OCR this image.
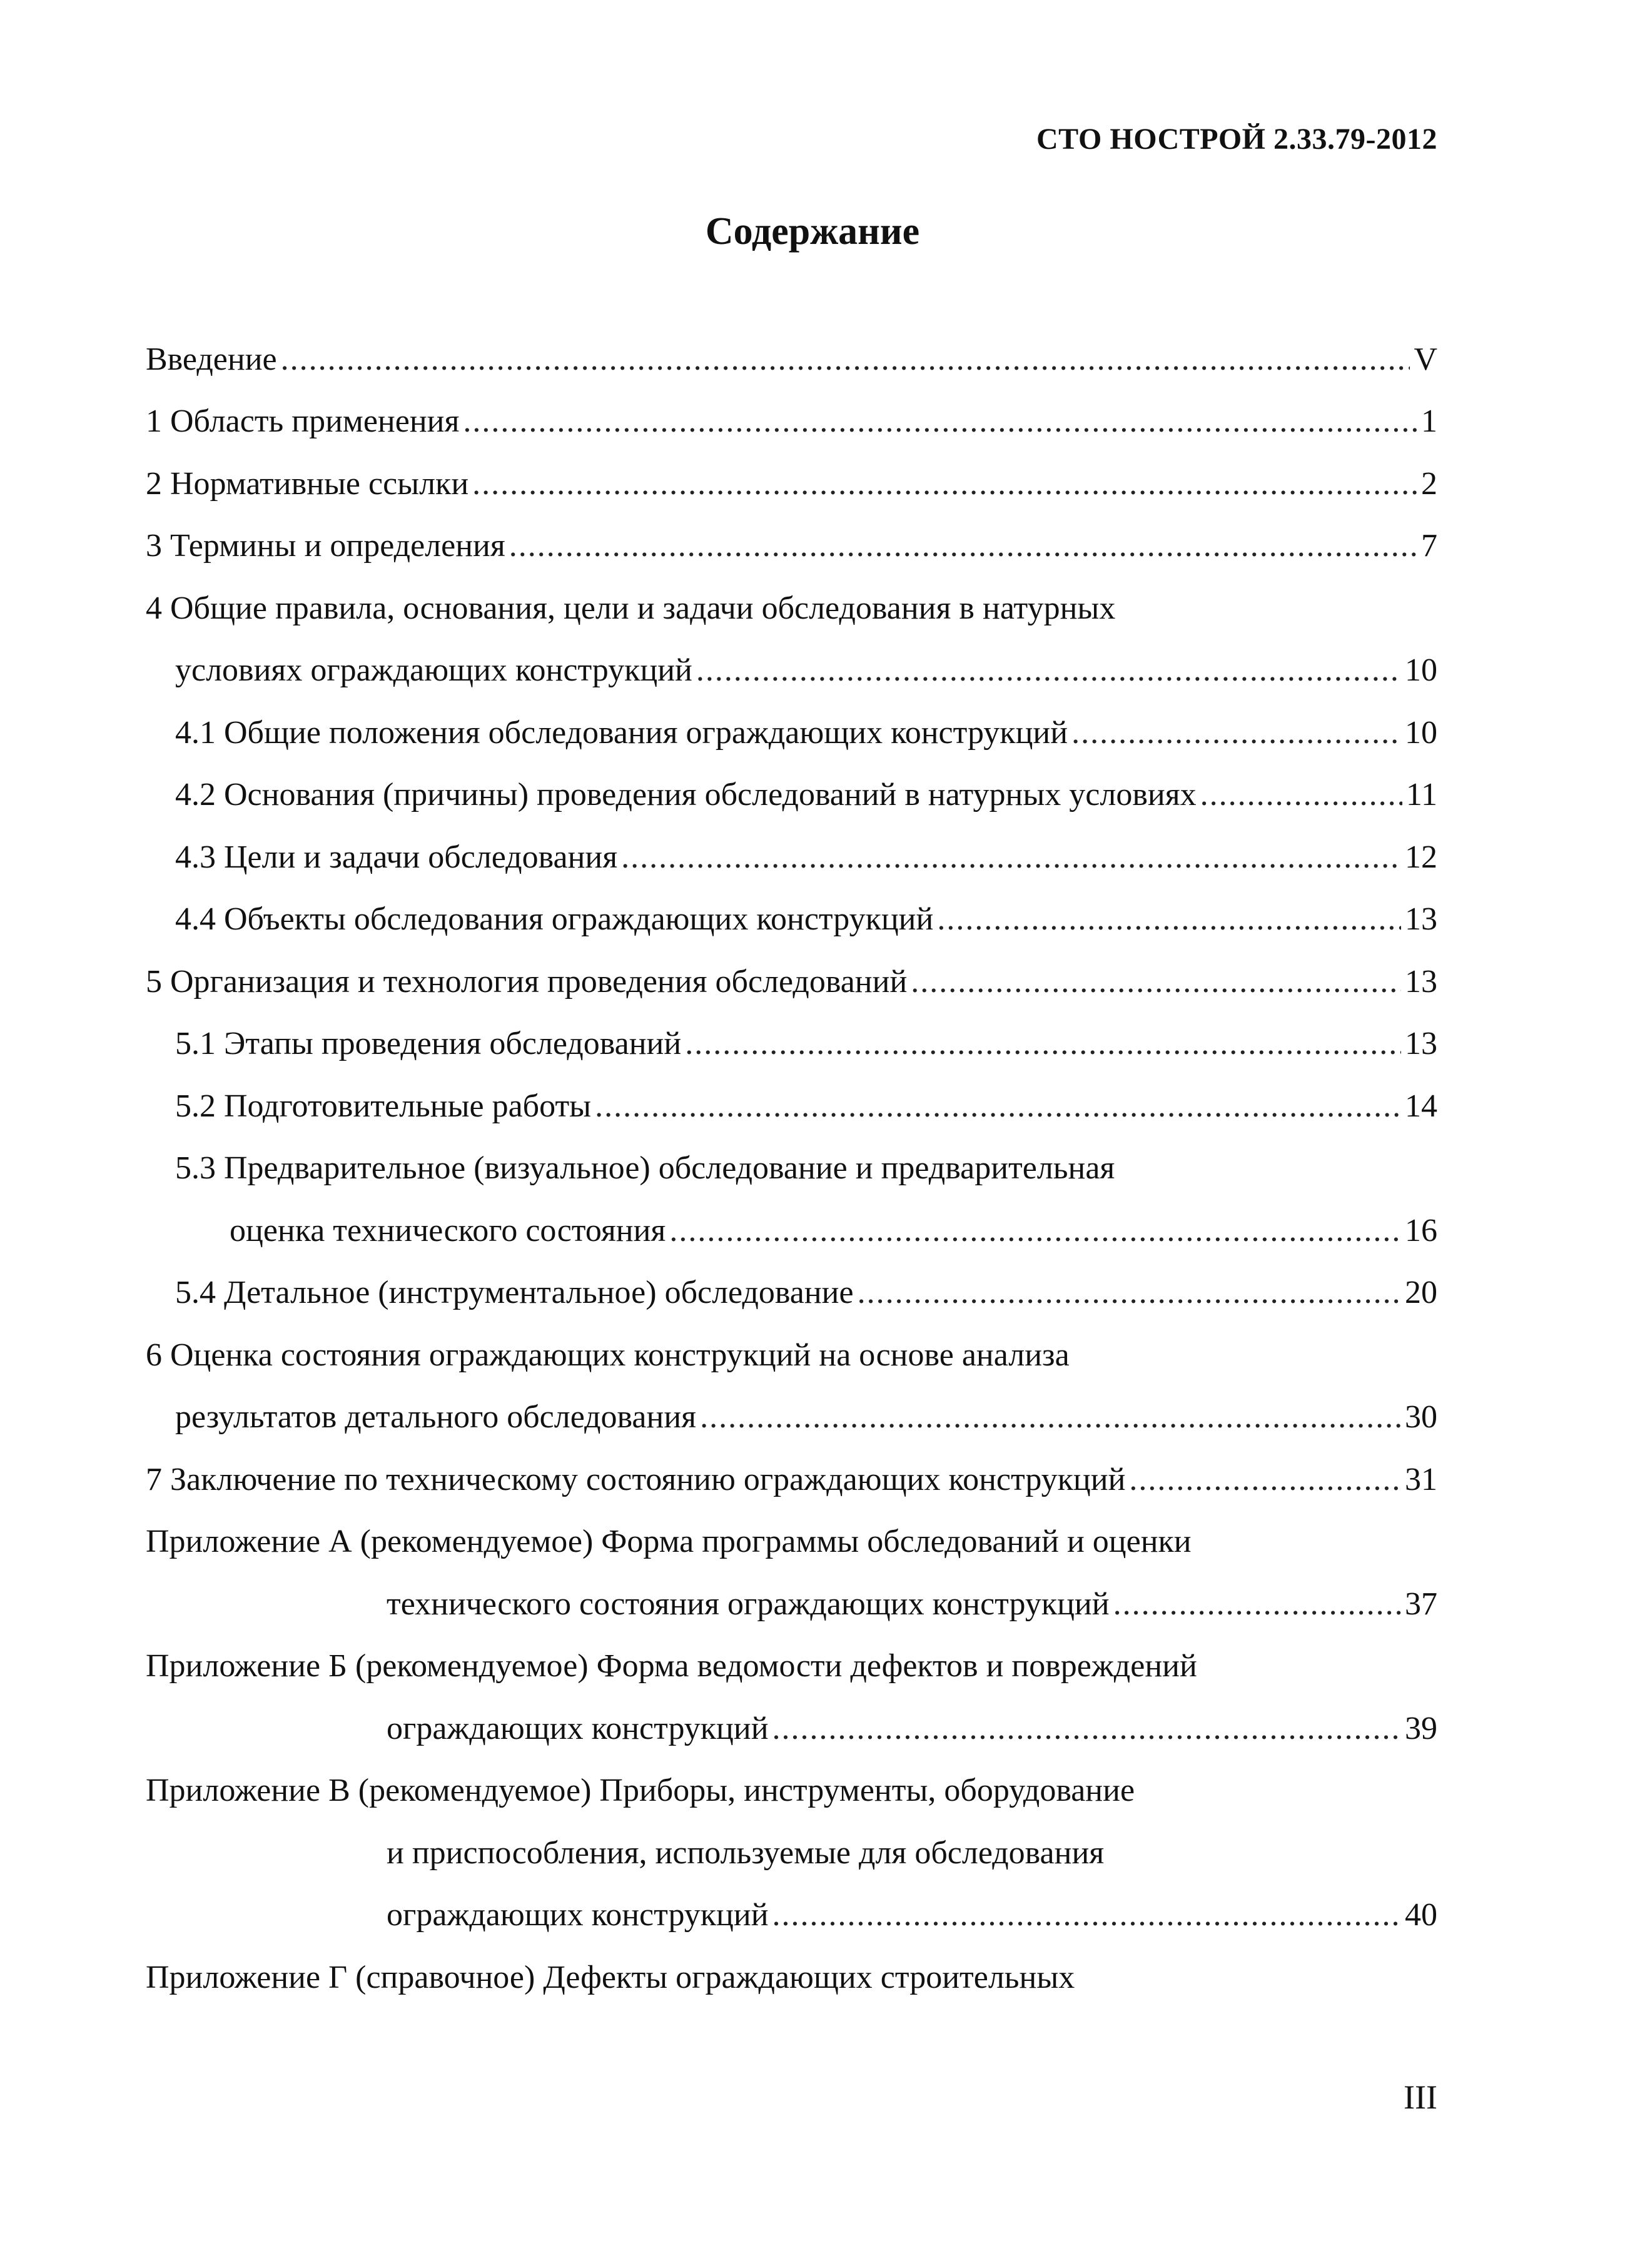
СТО НОСТРОЙ 2.33.79-2012
Содержание
Введение .....	V
1 Область применения .....	1
2 Нормативные ссылки .....	2
3 Термины и определения .....	7
4 Общие правила, основания, цели и задачи обследования в натурных
условиях ограждающих конструкций .....	10
4.1 Общие положения обследования ограждающих конструкций .....	10
4.2 Основания (причины) проведения обследований в натурных условиях .....	11
4.3 Цели и задачи обследования .....	12
4.4 Объекты обследования ограждающих конструкций .....	13
5 Организация и технология проведения обследований .....	13
5.1 Этапы проведения обследований .....	13
5.2 Подготовительные работы .....	14
5.3 Предварительное (визуальное) обследование и предварительная
оценка технического состояния .....	16
5.4 Детальное (инструментальное) обследование .....	20
6 Оценка состояния ограждающих конструкций на основе анализа
результатов детального обследования .....	30
7 Заключение по техническому состоянию ограждающих конструкций .....	31
Приложение А (рекомендуемое) Форма программы обследований и оценки
технического состояния ограждающих конструкций .....	37
Приложение Б (рекомендуемое) Форма ведомости дефектов и повреждений
ограждающих конструкций .....	39
Приложение В (рекомендуемое) Приборы, инструменты, оборудование
и приспособления, используемые для обследования
ограждающих конструкций .....	40
Приложение Г (справочное) Дефекты ограждающих строительных
III
